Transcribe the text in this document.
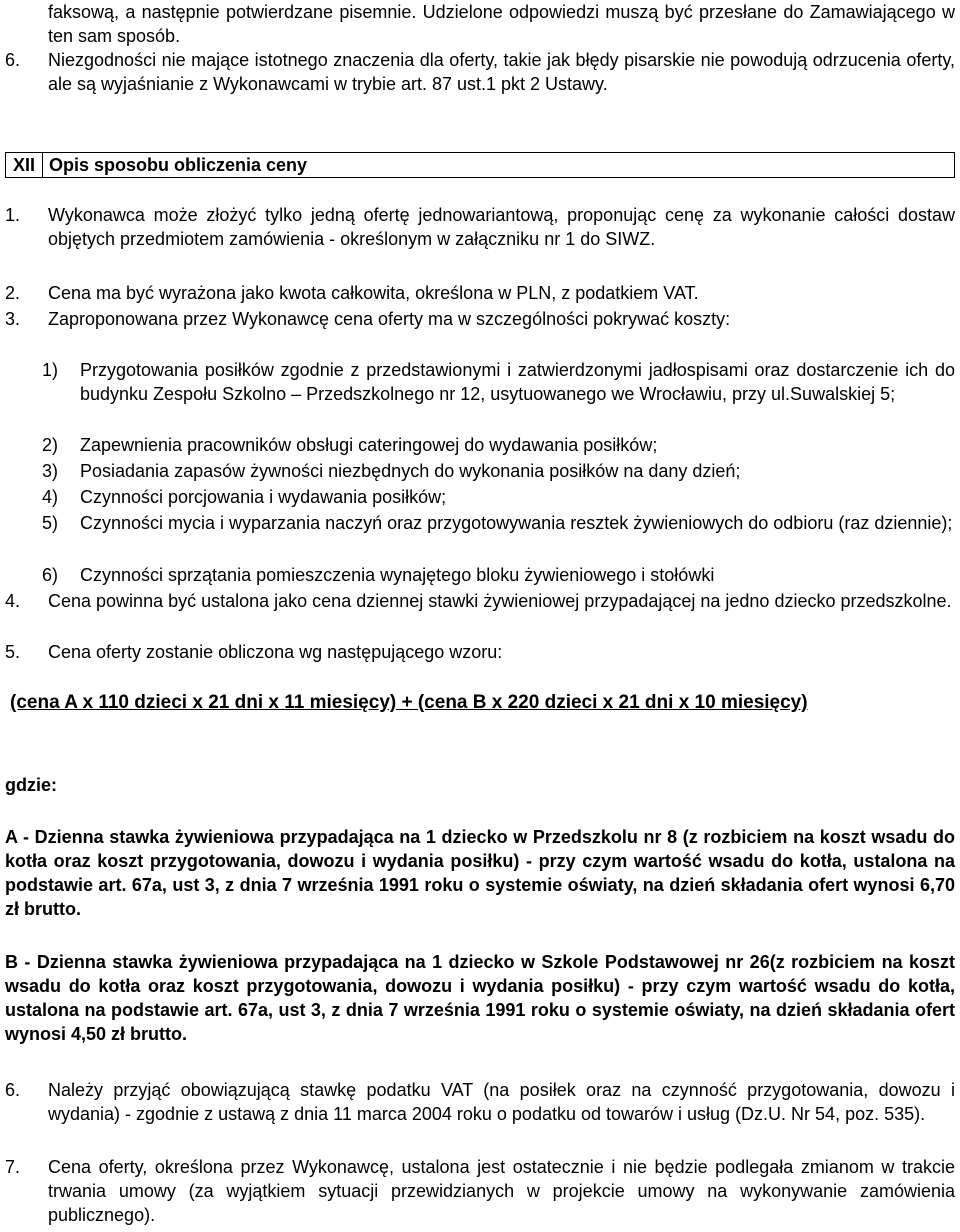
faksową, a następnie potwierdzane pisemnie. Udzielone odpowiedzi muszą być przesłane do Zamawiającego w ten sam sposób.
6. Niezgodności nie mające istotnego znaczenia dla oferty, takie jak błędy pisarskie nie powodują odrzucenia oferty, ale są wyjaśnianie z Wykonawcami w trybie art. 87 ust.1 pkt 2 Ustawy.
XII Opis sposobu obliczenia ceny
1. Wykonawca może złożyć tylko jedną ofertę jednowariantową, proponując cenę za wykonanie całości dostaw objętych przedmiotem zamówienia - określonym w załączniku nr 1 do SIWZ.
2. Cena ma być wyrażona jako kwota całkowita, określona w PLN, z podatkiem VAT.
3. Zaproponowana przez Wykonawcę cena oferty ma w szczególności pokrywać koszty:
1) Przygotowania posiłków zgodnie z przedstawionymi i zatwierdzonymi jadłospisami oraz dostarczenie ich do budynku Zespołu Szkolno – Przedszkolnego nr 12, usytuowanego we Wrocławiu, przy ul.Suwalskiej 5;
2) Zapewnienia pracowników obsługi cateringowej do wydawania posiłków;
3) Posiadania zapasów żywności niezbędnych do wykonania posiłków na dany dzień;
4) Czynności porcjowania i wydawania posiłków;
5) Czynności mycia i wyparzania naczyń oraz przygotowywania resztek żywieniowych do odbioru (raz dziennie);
6) Czynności sprzątania pomieszczenia wynajętego bloku żywieniowego i stołówki
4. Cena powinna być ustalona jako cena dziennej stawki żywieniowej przypadającej na jedno dziecko przedszkolne.
5. Cena oferty zostanie obliczona wg następującego wzoru:
(cena A x 110 dzieci x 21 dni x 11 miesięcy) + (cena B x 220 dzieci x 21 dni x 10 miesięcy)
gdzie:
A - Dzienna stawka żywieniowa przypadająca na 1 dziecko w Przedszkolu nr 8 (z rozbiciem na koszt wsadu do kotła oraz koszt przygotowania, dowozu i wydania posiłku) - przy czym wartość wsadu do kotła, ustalona na podstawie art. 67a, ust 3, z dnia 7 września 1991 roku o systemie oświaty, na dzień składania ofert wynosi 6,70 zł brutto.
B - Dzienna stawka żywieniowa przypadająca na 1 dziecko w Szkole Podstawowej nr 26(z rozbiciem na koszt wsadu do kotła oraz koszt przygotowania, dowozu i wydania posiłku) - przy czym wartość wsadu do kotła, ustalona na podstawie art. 67a, ust 3, z dnia 7 września 1991 roku o systemie oświaty, na dzień składania ofert wynosi 4,50 zł brutto.
6. Należy przyjąć obowiązującą stawkę podatku VAT (na posiłek oraz na czynność przygotowania, dowozu i wydania) - zgodnie z ustawą z dnia 11 marca 2004 roku o podatku od towarów i usług (Dz.U. Nr 54, poz. 535).
7. Cena oferty, określona przez Wykonawcę, ustalona jest ostatecznie i nie będzie podlegała zmianom w trakcie trwania umowy (za wyjątkiem sytuacji przewidzianych w projekcie umowy na wykonywanie zamówienia publicznego).
